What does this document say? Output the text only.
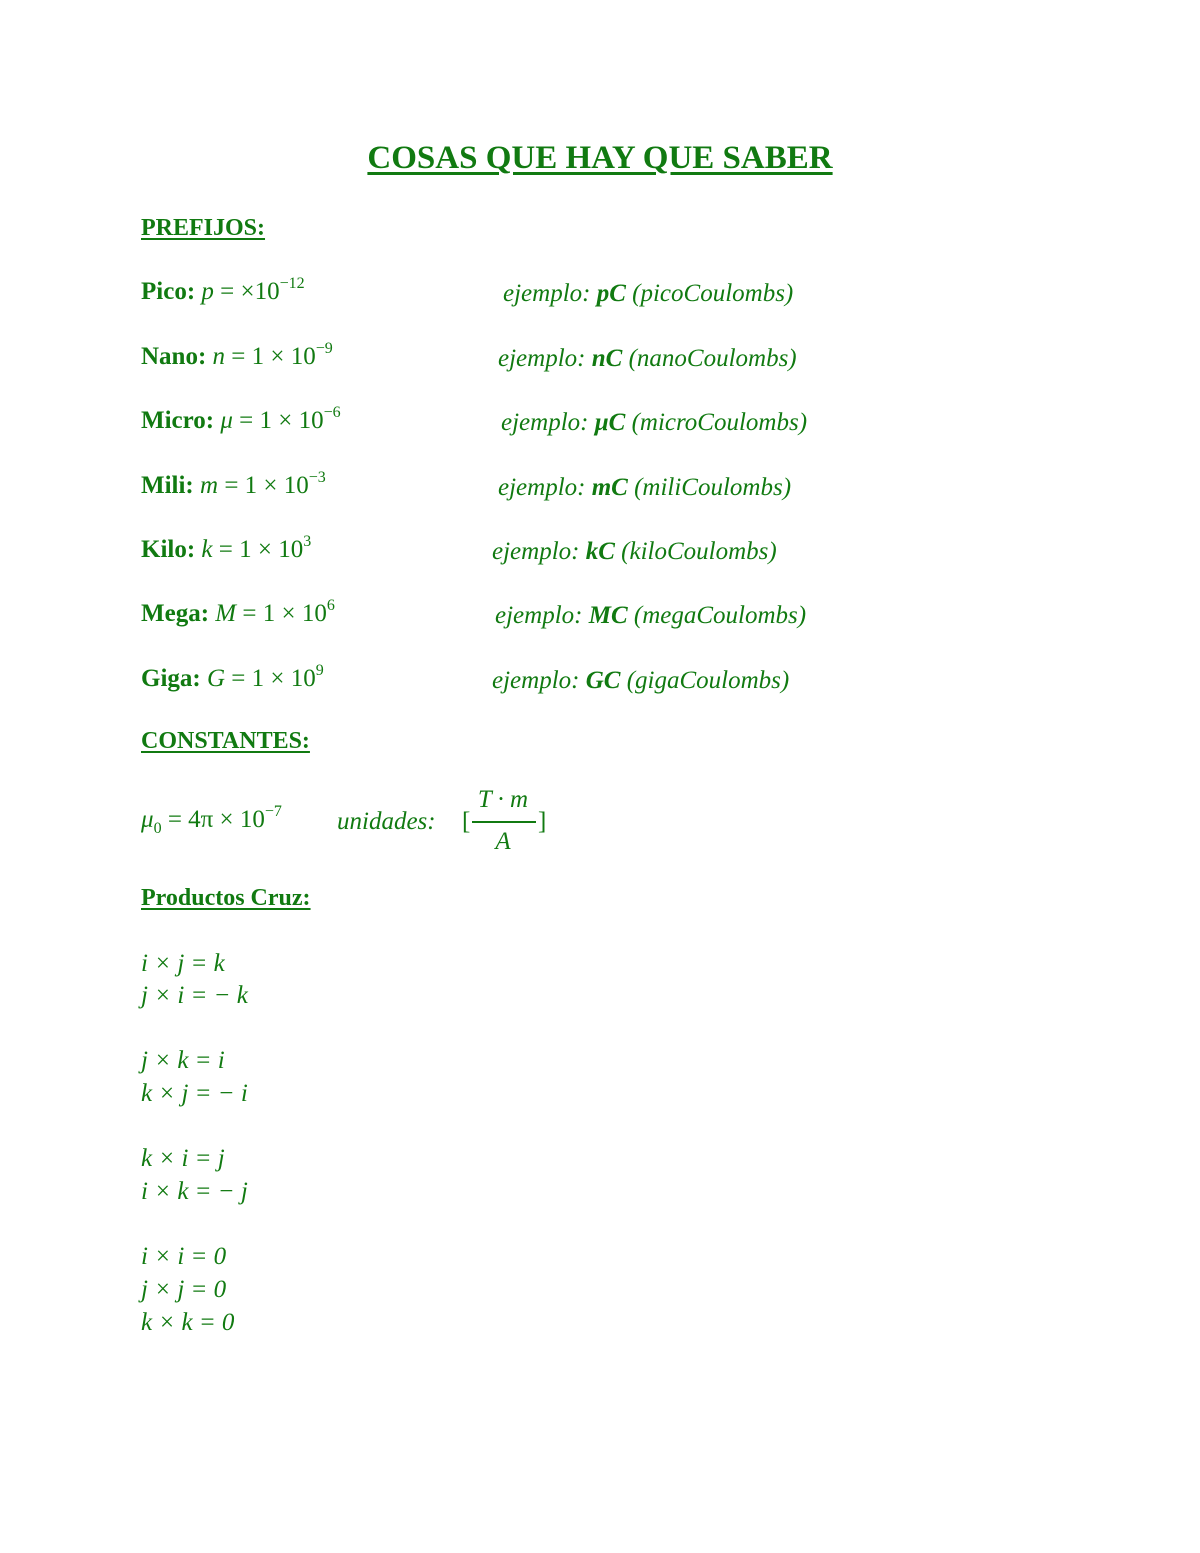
COSAS QUE HAY QUE SABER
PREFIJOS:
Pico: $p = \times 10^{-12}$	ejemplo: pC (picoCoulombs)
Nano: $n = 1 \times 10^{-9}$	ejemplo: nC (nanoCoulombs)
Micro: $\mu = 1 \times 10^{-6}$	ejemplo: μC (microCoulombs)
Mili: $m = 1 \times 10^{-3}$	ejemplo: mC (miliCoulombs)
Kilo: $k = 1 \times 10^3$	ejemplo: kC (kiloCoulombs)
Mega: $M = 1 \times 10^6$	ejemplo: MC (megaCoulombs)
Giga: $G = 1 \times 10^9$	ejemplo: GC (gigaCoulombs)
CONSTANTES:
$\mu_0 = 4\pi \times 10^{-7}$ unidades: [
T · m
A
]
Productos Cruz:
i × j = k
j × i = − k
j × k = i
k × j = − i
k × i = j
i × k = − j
i × i = 0
j × j = 0
k × k = 0
